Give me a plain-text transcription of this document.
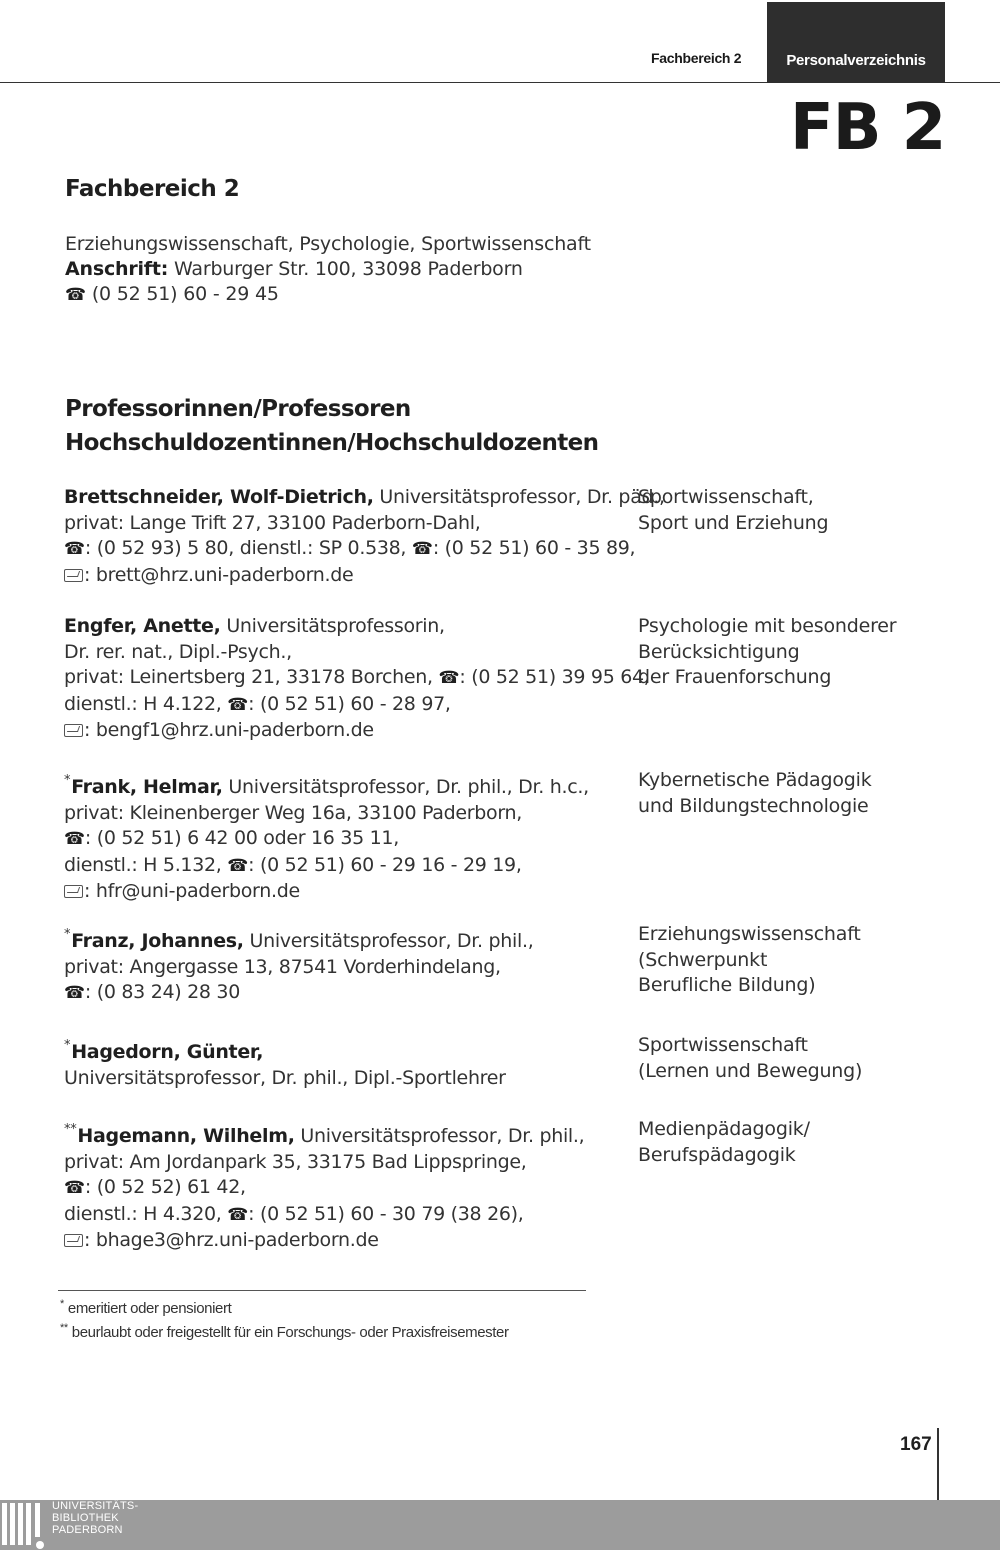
Fachbereich 2	Personalverzeichnis
FB 2
Fachbereich 2
Erziehungswissenschaft, Psychologie, Sportwissenschaft
Anschrift: Warburger Str. 100, 33098 Paderborn
☎ (0 52 51) 60 - 29 45
Professorinnen/Professoren
Hochschuldozentinnen/Hochschuldozenten
Brettschneider, Wolf-Dietrich, Universitätsprofessor, Dr. päd.,
privat: Lange Trift 27, 33100 Paderborn-Dahl,
☎: (0 52 93) 5 80, dienstl.: SP 0.538, ☎: (0 52 51) 60 - 35 89,
: brett@hrz.uni-paderborn.de
Sportwissenschaft,
Sport und Erziehung
Engfer, Anette, Universitätsprofessorin,
Dr. rer. nat., Dipl.-Psych.,
privat: Leinertsberg 21, 33178 Borchen, ☎: (0 52 51) 39 95 64,
dienstl.: H 4.122, ☎: (0 52 51) 60 - 28 97,
: bengf1@hrz.uni-paderborn.de
Psychologie mit besonderer
Berücksichtigung
der Frauenforschung
*Frank, Helmar, Universitätsprofessor, Dr. phil., Dr. h.c.,
privat: Kleinenberger Weg 16a, 33100 Paderborn,
☎: (0 52 51) 6 42 00 oder 16 35 11,
dienstl.: H 5.132, ☎: (0 52 51) 60 - 29 16 - 29 19,
: hfr@uni-paderborn.de
Kybernetische Pädagogik
und Bildungstechnologie
*Franz, Johannes, Universitätsprofessor, Dr. phil.,
privat: Angergasse 13, 87541 Vorderhindelang,
☎: (0 83 24) 28 30
Erziehungswissenschaft
(Schwerpunkt
Berufliche Bildung)
*Hagedorn, Günter,
Universitätsprofessor, Dr. phil., Dipl.-Sportlehrer
Sportwissenschaft
(Lernen und Bewegung)
**Hagemann, Wilhelm, Universitätsprofessor, Dr. phil.,
privat: Am Jordanpark 35, 33175 Bad Lippspringe,
☎: (0 52 52) 61 42,
dienstl.: H 4.320, ☎: (0 52 51) 60 - 30 79 (38 26),
: bhage3@hrz.uni-paderborn.de
Medienpädagogik/
Berufspädagogik
* emeritiert oder pensioniert
** beurlaubt oder freigestellt für ein Forschungs- oder Praxisfreisemester
167
UNIVERSITÄTS-
BIBLIOTHEK
PADERBORN
